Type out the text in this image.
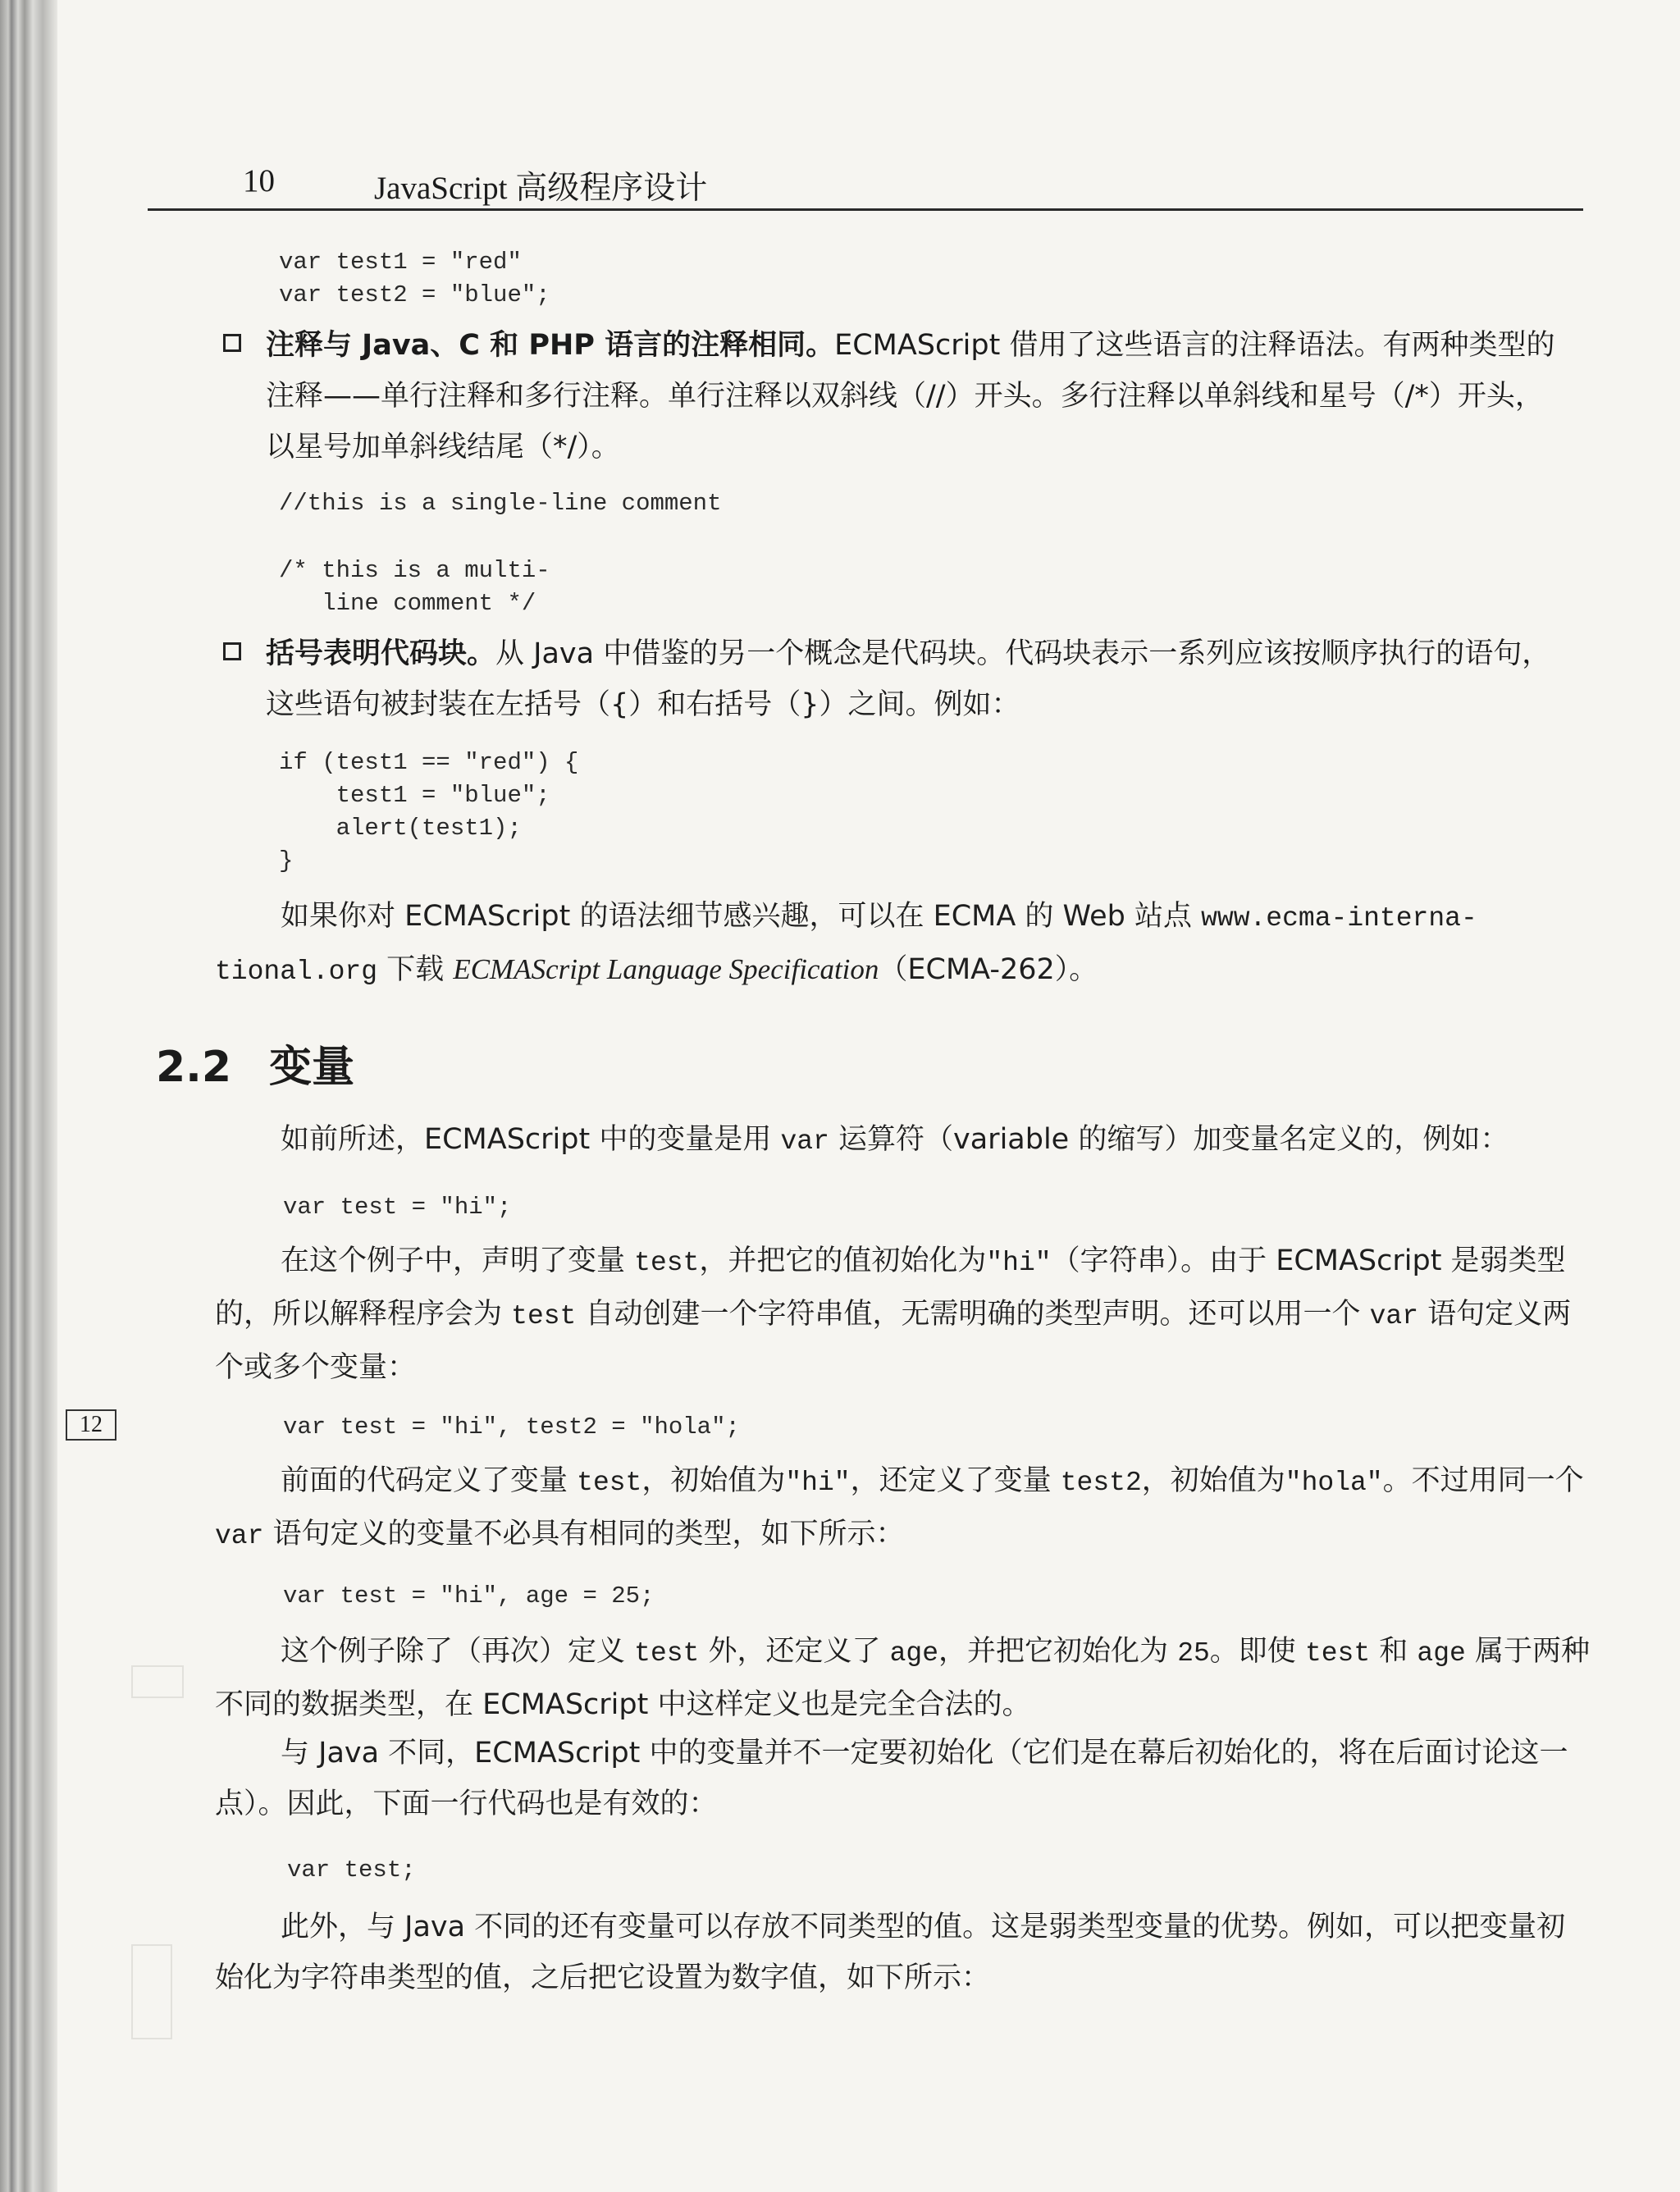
10	JavaScript 高级程序设计
var test1 = "red"
var test2 = "blue";
注释与 Java、C 和 PHP 语言的注释相同。ECMAScript 借用了这些语言的注释语法。有两种类型的注释——单行注释和多行注释。单行注释以双斜线（//）开头。多行注释以单斜线和星号（/*）开头，以星号加单斜线结尾（*/）。
//this is a single-line comment
/* this is a multi-
line comment */
括号表明代码块。从 Java 中借鉴的另一个概念是代码块。代码块表示一系列应该按顺序执行的语句，这些语句被封装在左括号（{）和右括号（}）之间。例如：
if (test1 == "red") {
test1 = "blue";
alert(test1);
}
如果你对 ECMAScript 的语法细节感兴趣，可以在 ECMA 的 Web 站点 www.ecma-interna-
tional.org 下载 ECMAScript Language Specification（ECMA-262）。
2.2 变量
如前所述，ECMAScript 中的变量是用 var 运算符（variable 的缩写）加变量名定义的，例如：
var test = "hi";
在这个例子中，声明了变量 test，并把它的值初始化为"hi"（字符串）。由于 ECMAScript 是弱类型的，所以解释程序会为 test 自动创建一个字符串值，无需明确的类型声明。还可以用一个 var 语句定义两个或多个变量：
12	var test = "hi", test2 = "hola";
前面的代码定义了变量 test，初始值为"hi"，还定义了变量 test2，初始值为"hola"。不过用同一个 var 语句定义的变量不必具有相同的类型，如下所示：
var test = "hi", age = 25;
这个例子除了（再次）定义 test 外，还定义了 age，并把它初始化为 25。即使 test 和 age 属于两种不同的数据类型，在 ECMAScript 中这样定义也是完全合法的。
与 Java 不同，ECMAScript 中的变量并不一定要初始化（它们是在幕后初始化的，将在后面讨论这一点）。因此，下面一行代码也是有效的：
var test;
此外，与 Java 不同的还有变量可以存放不同类型的值。这是弱类型变量的优势。例如，可以把变量初始化为字符串类型的值，之后把它设置为数字值，如下所示：
